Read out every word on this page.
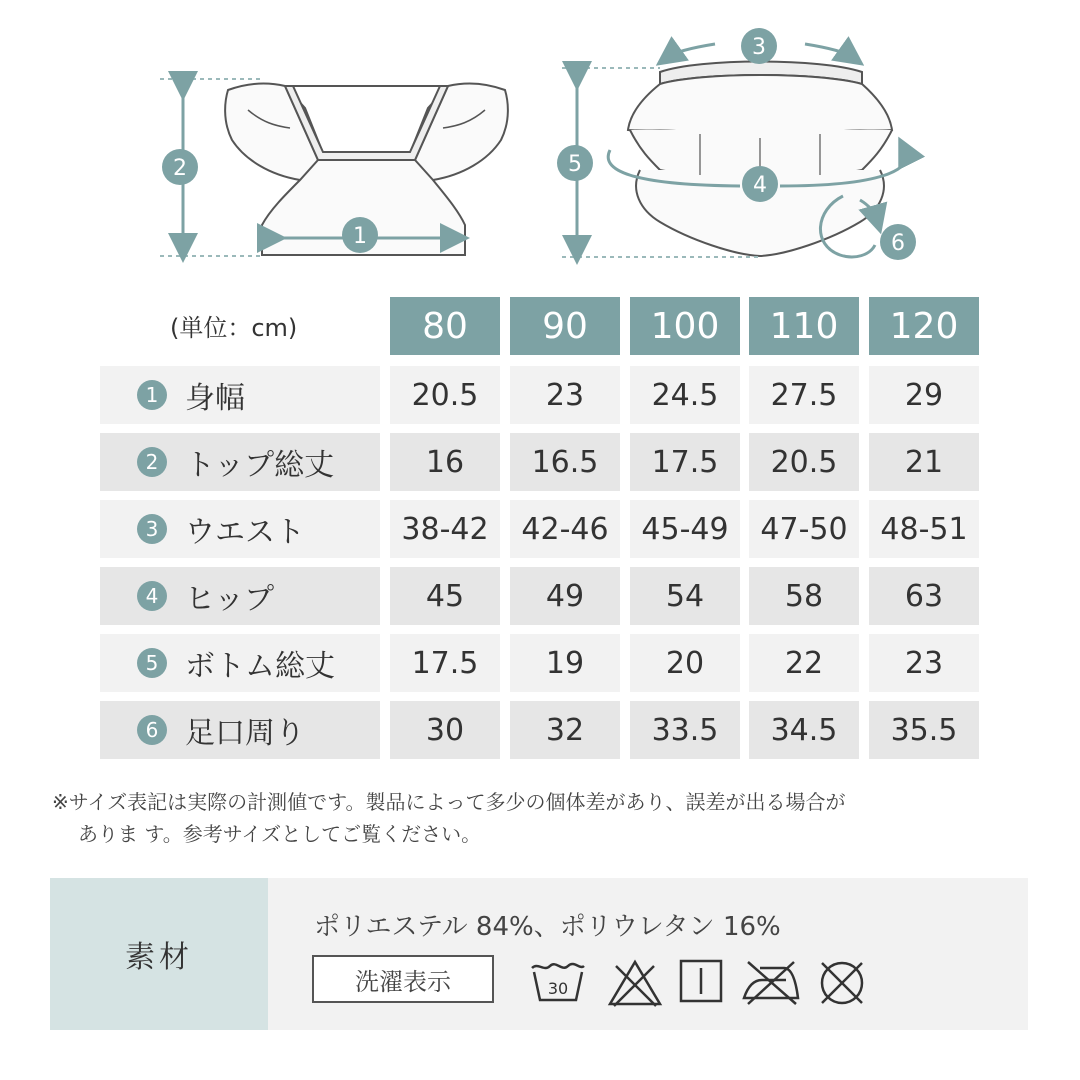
1
2
3
4
5
6
(単位：cm)	80	90	100	110	120
1 身幅	20.5	23	24.5	27.5	29
2 トップ総丈	16	16.5	17.5	20.5	21
3 ウエスト	38-42	42-46	45-49	47-50	48-51
4 ヒップ	45	49	54	58	63
5 ボトム総丈	17.5	19	20	22	23
6 足口周り	30	32	33.5	34.5	35.5
※サイズ表記は実際の計測値です。製品によって多少の個体差があり、誤差が出る場合が
ありま す。参考サイズとしてご覧ください。
素材
ポリエステル 84%、ポリウレタン 16%
洗濯表示	30
